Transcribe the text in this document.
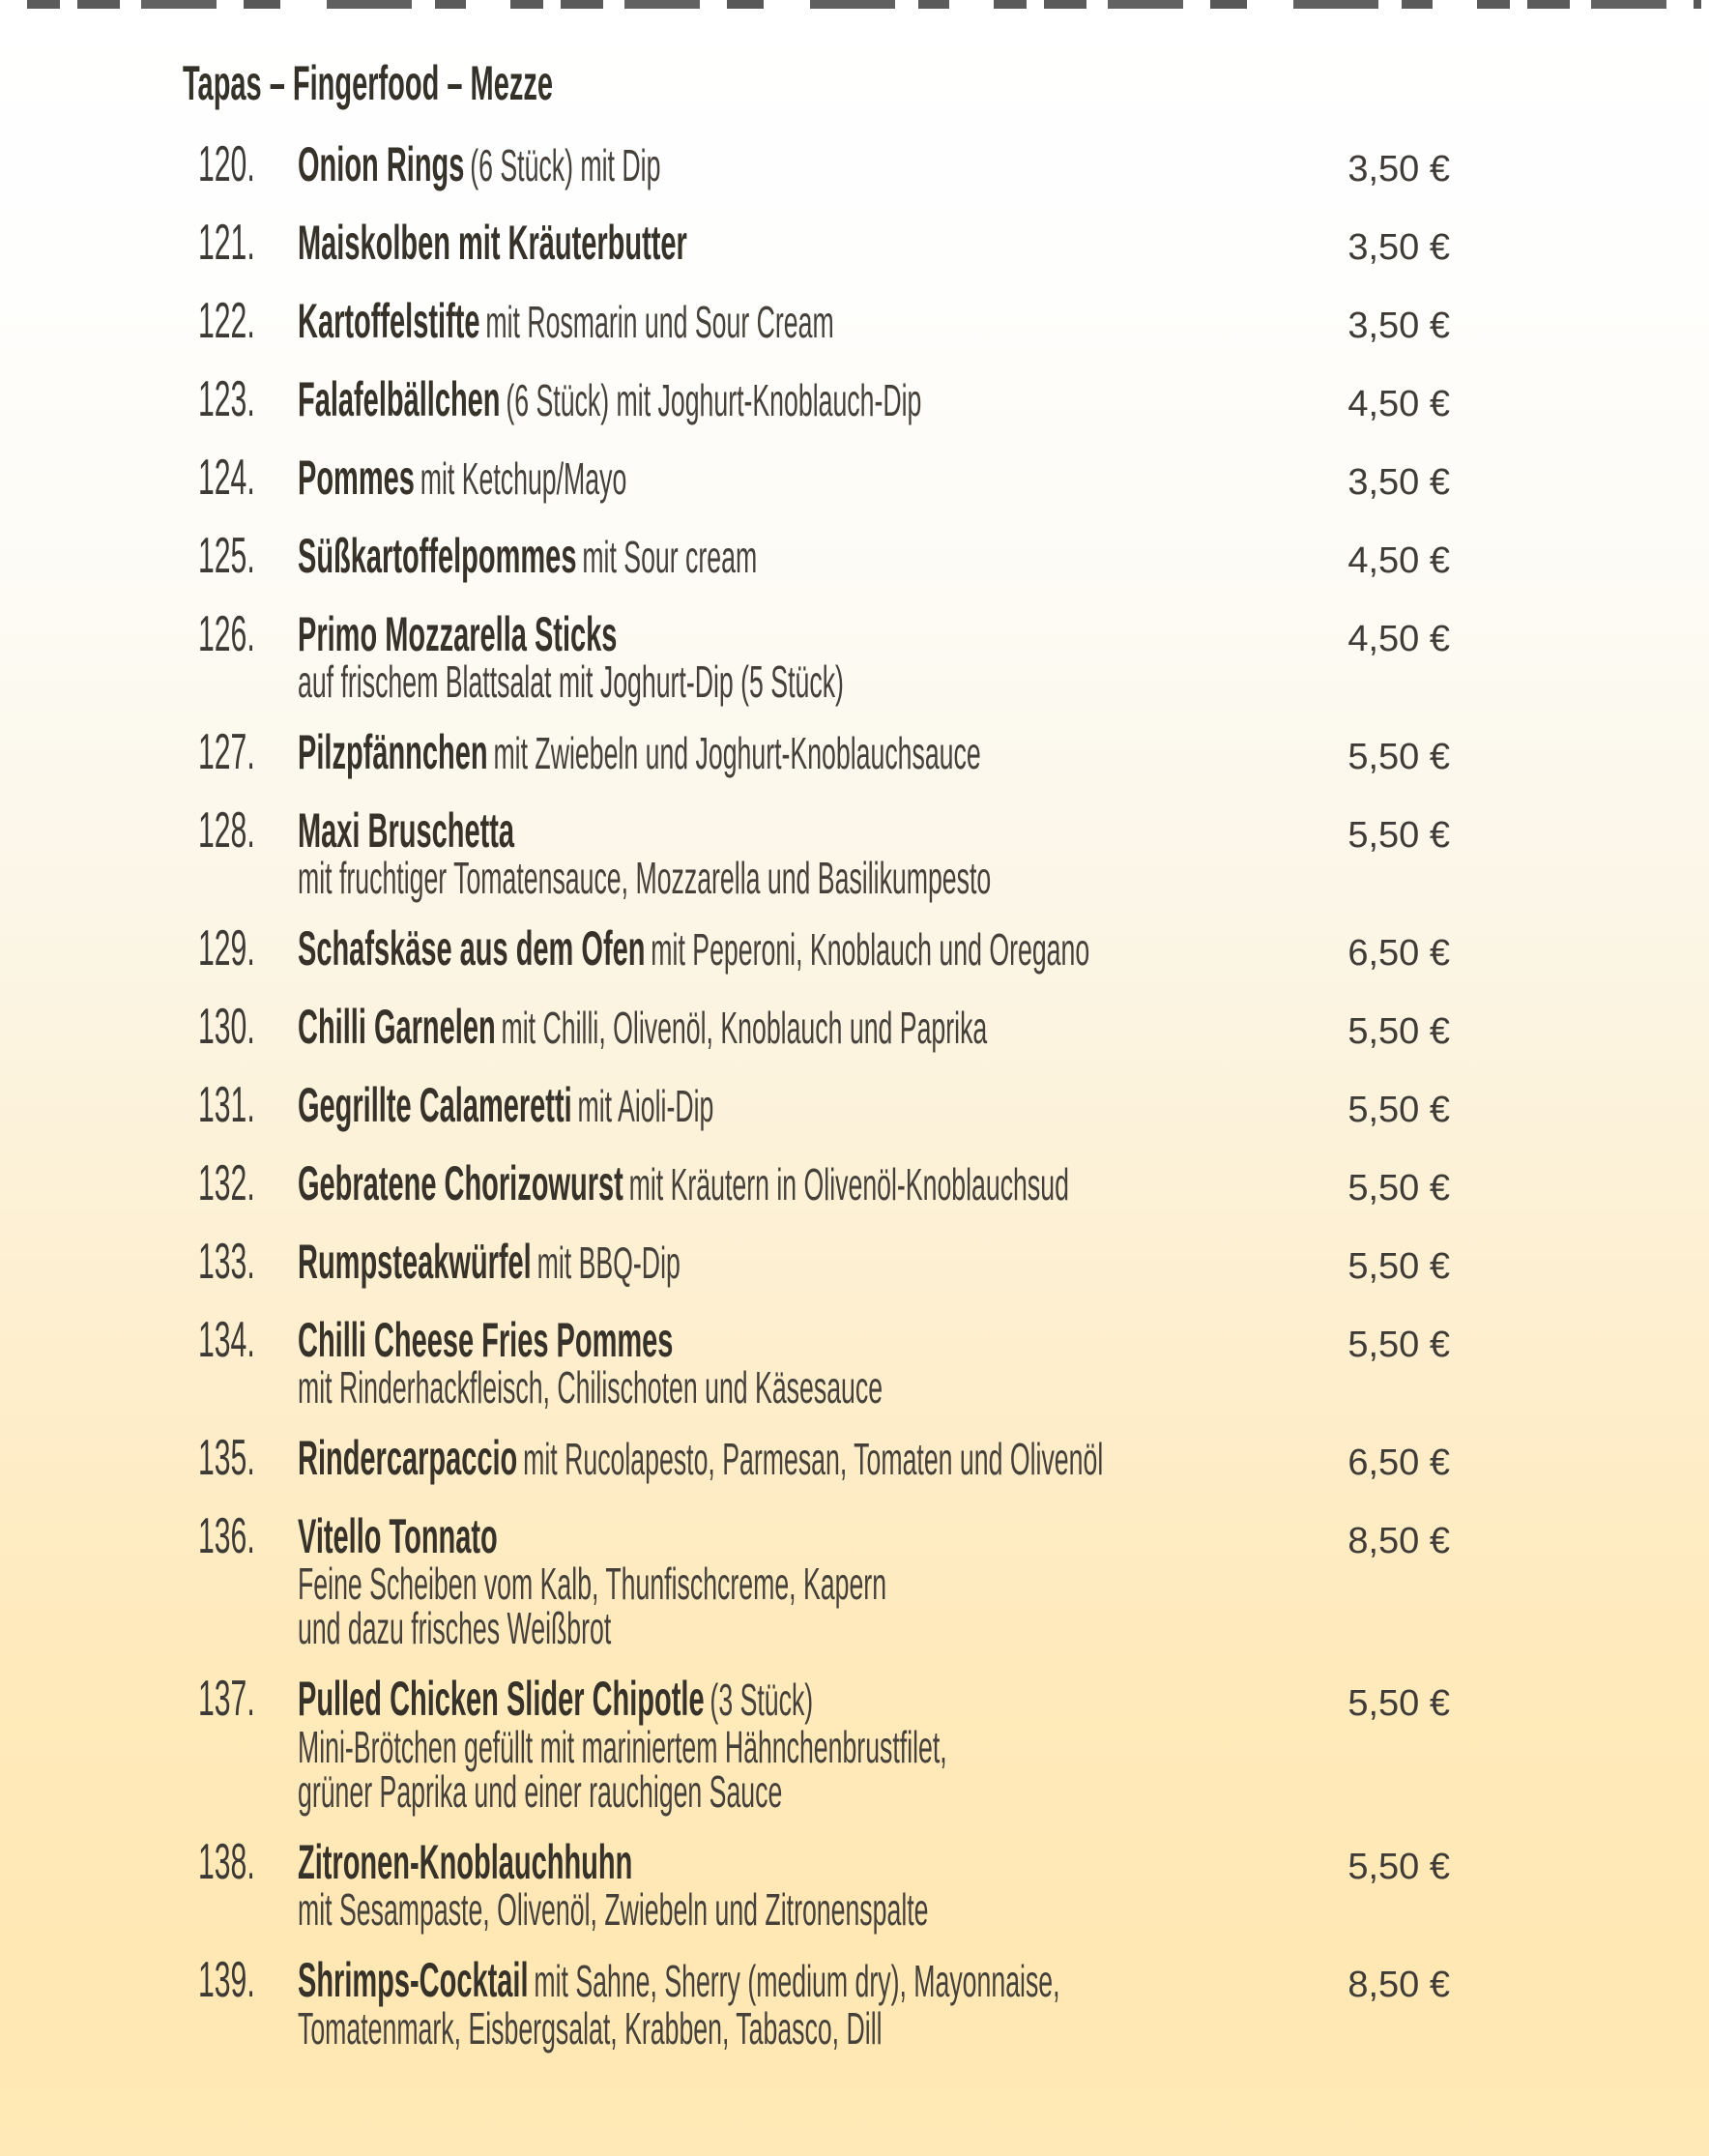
Tapas – Fingerfood – Mezze
120. Onion Rings (6 Stück) mit Dip	3,50 €
121. Maiskolben mit Kräuterbutter	3,50 €
122. Kartoffelstifte mit Rosmarin und Sour Cream	3,50 €
123. Falafelbällchen (6 Stück) mit Joghurt-Knoblauch-Dip	4,50 €
124. Pommes mit Ketchup/Mayo	3,50 €
125. Süßkartoffelpommes mit Sour cream	4,50 €
126. Primo Mozzarella Sticks
auf frischem Blattsalat mit Joghurt-Dip (5 Stück)
4,50 €
127. Pilzpfännchen mit Zwiebeln und Joghurt-Knoblauchsauce	5,50 €
128. Maxi Bruschetta
mit fruchtiger Tomatensauce, Mozzarella und Basilikumpesto
5,50 €
129. Schafskäse aus dem Ofen mit Peperoni, Knoblauch und Oregano	6,50 €
130. Chilli Garnelen mit Chilli, Olivenöl, Knoblauch und Paprika	5,50 €
131. Gegrillte Calameretti mit Aioli-Dip	5,50 €
132. Gebratene Chorizowurst mit Kräutern in Olivenöl-Knoblauchsud	5,50 €
133. Rumpsteakwürfel mit BBQ-Dip	5,50 €
134. Chilli Cheese Fries Pommes
mit Rinderhackfleisch, Chilischoten und Käsesauce
5,50 €
135. Rindercarpaccio mit Rucolapesto, Parmesan, Tomaten und Olivenöl	6,50 €
136. Vitello Tonnato
Feine Scheiben vom Kalb, Thunfischcreme, Kapern
und dazu frisches Weißbrot
8,50 €
137. Pulled Chicken Slider Chipotle (3 Stück)
Mini-Brötchen gefüllt mit mariniertem Hähnchenbrustfilet,
grüner Paprika und einer rauchigen Sauce
5,50 €
138. Zitronen-Knoblauchhuhn
mit Sesampaste, Olivenöl, Zwiebeln und Zitronenspalte
5,50 €
139. Shrimps-Cocktail mit Sahne, Sherry (medium dry), Mayonnaise,
Tomatenmark, Eisbergsalat, Krabben, Tabasco, Dill
8,50 €
